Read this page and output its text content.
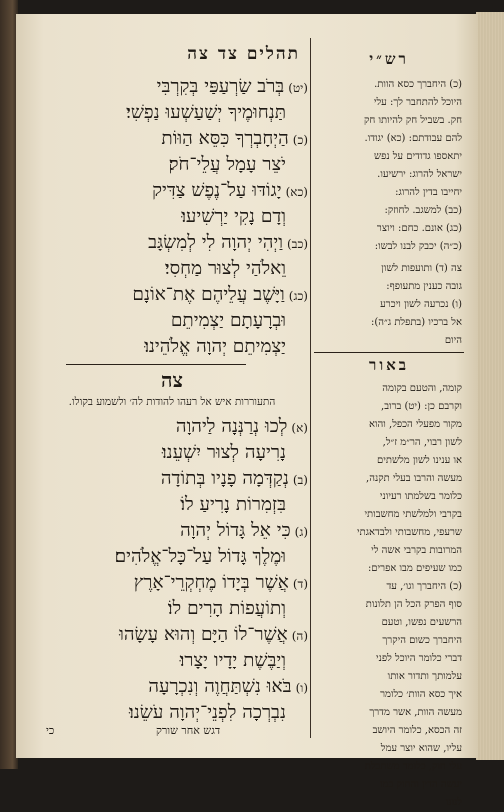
תהלים צד צה
(יט)בְּרֹב שַׂרְעַפַּי בְּקִרְבִּי
תַּנְחוּמֶיךָ יְשַׁעַשְׁעוּ נַפְשִׁי׃
(כ)הַיְחָבְרְךָ כִּסֵּא הַוּוֹת
יֹצֵר עָמָל עֲלֵי־חֹק׃
(כא)יָגוֹדּוּ עַל־נֶפֶשׁ צַדִּיק
וְדָם נָקִי יַרְשִׁיעוּ׃
(כב)וַיְהִי יְהוָה לִי לְמִשְׂגָּב
וֵאלֹהַי לְצוּר מַחְסִי׃
(כג)וַיָּשֶׁב עֲלֵיהֶם אֶת־אוֹנָם
וּבְרָעָתָם יַצְמִיתֵם
יַצְמִיתֵם יְהוָה אֱלֹהֵינוּ׃
צה
התעוררות איש אל רעהו להודות לה׳ ולשמוע בקולו.
(א)לְכוּ נְרַנְּנָה לַיהוָה
נָרִיעָה לְצוּר יִשְׁעֵנוּ׃
(ב)נְקַדְּמָה פָנָיו בְּתוֹדָה
בִּזְמִרוֹת נָרִיעַ לוֹ׃
(ג)כִּי אֵל גָּדוֹל יְהוָה
וּמֶלֶךְ גָּדוֹל עַל־כָּל־אֱלֹהִים׃
(ד)אֲשֶׁר בְּיָדוֹ מֶחְקְרֵי־אָרֶץ
וְתוֹעֲפוֹת הָרִים לוֹ׃
(ה)אֲשֶׁר־לוֹ הַיָּם וְהוּא עָשָׂהוּ
וְיַבֶּשֶׁת יָדָיו יָצָרוּ׃
(ו)בֹּאוּ נִשְׁתַּחֲוֶה וְנִכְרָעָה
נִבְרְכָה לִפְנֵי־יְהוָה עֹשֵׂנוּ׃
דגש אחר שורק
כי
רש״י
(כ) היחברך כסא הוות.
היוכל להתחבר לך: עלי
חק. בשביל חק להיותו חק
להם עבודתם: (כא) יגודו.
יתאספו גדודים על נפש
ישראל להרוג: ירשיעו.
יחייבו בדין להרוג:
(כב) למשגב. לחוזק:
(כג) אונם. כחם: ויוצר
(כ״ה) יכבק לבנו לבשו:
צה (ד) ותועפות לשון
גובה כענין מתעופף:
(ו) נכרעה לשון ויכרע
אל ברכיו (בתפלת ג״ה):
היום
באור
קומה, והטעם בקומה
וקרבם כן: (יט) ברוב,
מקור מפעלי הכפל, והוא
לשון רבוי, הר״מ ז״ל,
או ענינו לשון מלשתים
מעשה והרבו בעלי תקנה,
כלומר בשלמתו רעיוני
בקרבי ולמלשתי מחשבותי
שרעפי, מחשבותי ולבדאגתי
המרובות בקרבי אשה לי
כמו שעיפים מבו אפרים:
(כ) היחברך וגו׳, עד
סוף הפרק הכל הן תלונות
הרשעים נפשו, וטעם
היחברך כשום היקרך
דברי כלומר היוכל לפני
עלמותך ותדור אותו
איך כסא הוות׳ כלומר
מעשה הוות, אשר מדרך
זה הכסא, כלומר היושב
עליו, שהוא יוצר עמל
עלי חוק, כלומר משתכלת
יעשה הדין והחוק כמו
לנונו
